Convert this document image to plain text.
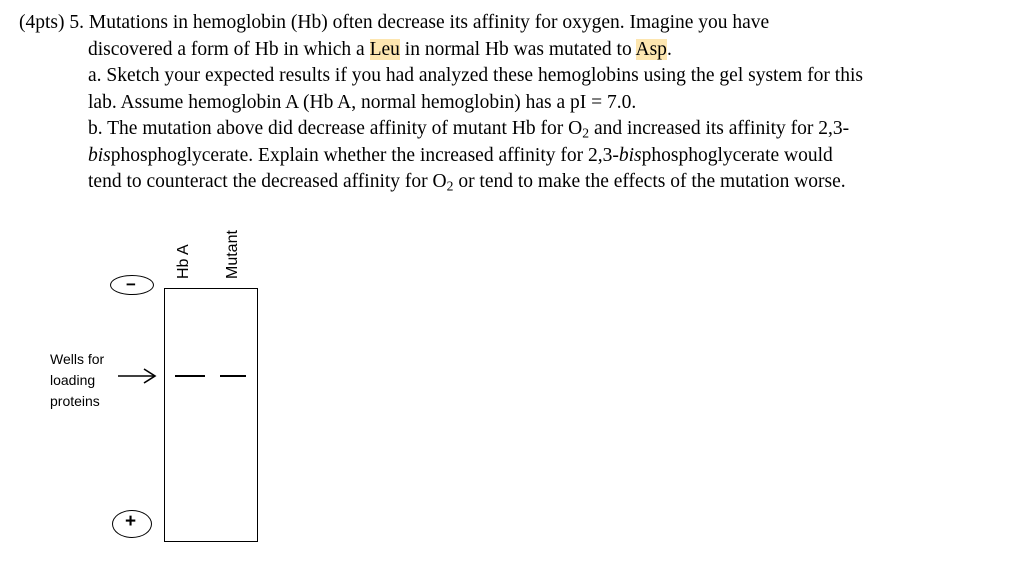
(4pts) 5. Mutations in hemoglobin (Hb) often decrease its affinity for oxygen. Imagine you have
discovered a form of Hb in which a Leu in normal Hb was mutated to Asp.
a. Sketch your expected results if you had analyzed these hemoglobins using the gel system for this
lab. Assume hemoglobin A (Hb A, normal hemoglobin) has a pI = 7.0.
b. The mutation above did decrease affinity of mutant Hb for $O_2$ and increased its affinity for 2,3-
bisphosphoglycerate. Explain whether the increased affinity for 2,3-bisphosphoglycerate would
tend to counteract the decreased affinity for $O_2$ or tend to make the effects of the mutation worse.
Hb A Mutant
−
Wells for
loading
proteins
+
